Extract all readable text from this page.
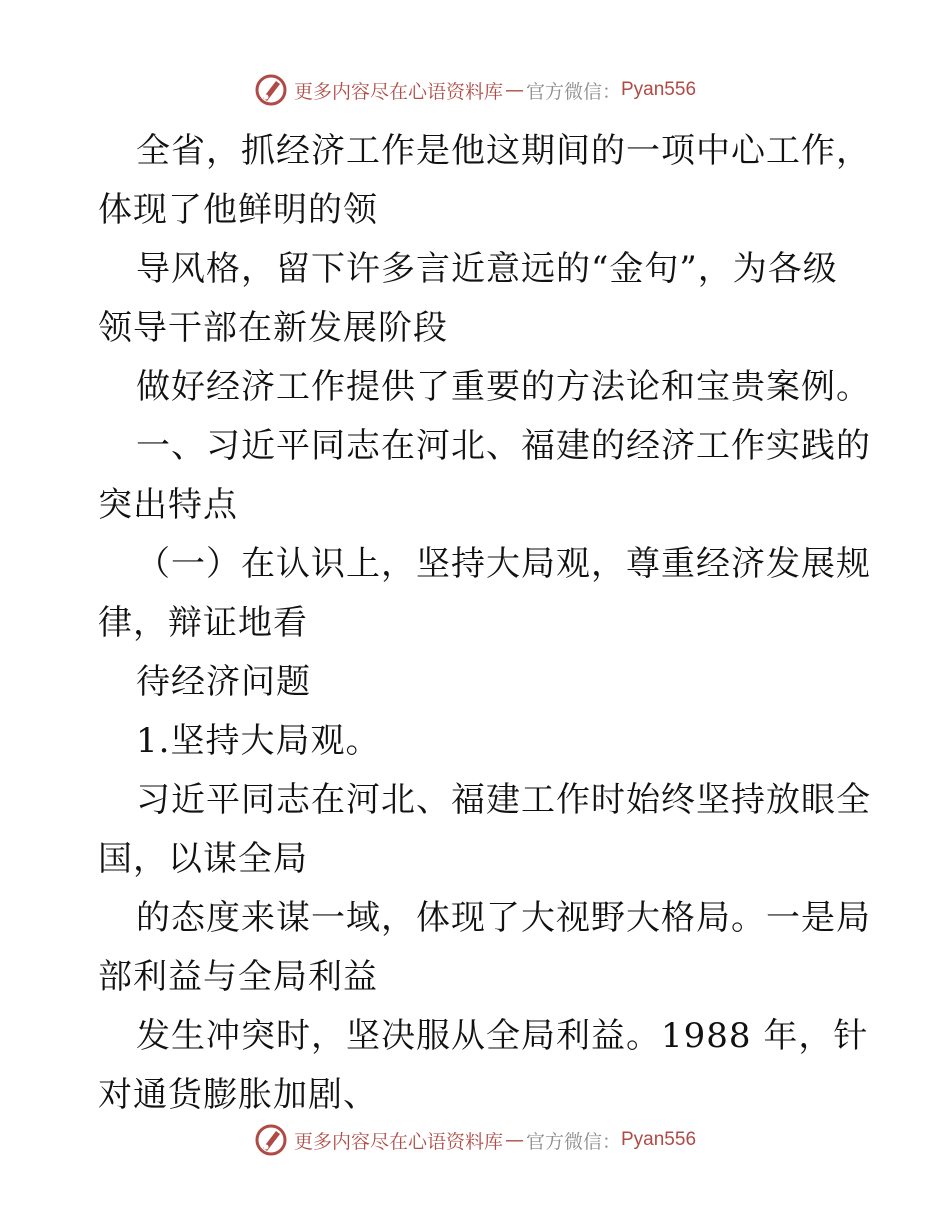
更多内容尽在心语资料库 — 官方微信： Pyan556
全省，抓经济工作是他这期间的一项中心工作，
体现了他鲜明的领
导风格，留下许多言近意远的“金句”，为各级
领导干部在新发展阶段
做好经济工作提供了重要的方法论和宝贵案例。
一、习近平同志在河北、福建的经济工作实践的
突出特点
（一）在认识上，坚持大局观，尊重经济发展规
律，辩证地看
待经济问题
1.坚持大局观。
习近平同志在河北、福建工作时始终坚持放眼全
国，以谋全局
的态度来谋一域，体现了大视野大格局。一是局
部利益与全局利益
发生冲突时，坚决服从全局利益。1988 年，针
对通货膨胀加剧、
更多内容尽在心语资料库 — 官方微信： Pyan556
